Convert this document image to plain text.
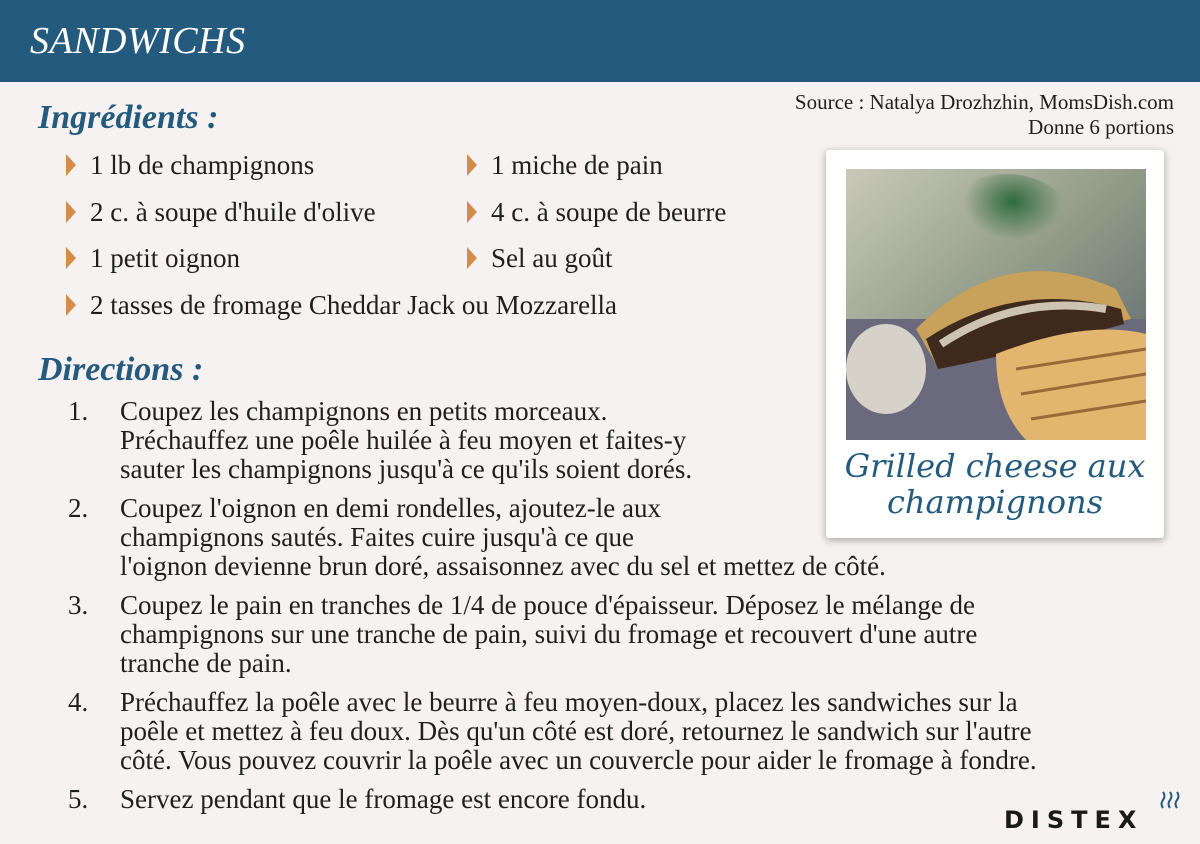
SANDWICHS
Source : Natalya Drozhzhin, MomsDish.com
Donne 6 portions
Ingrédients :
1 lb de champignons	1 miche de pain
2 c. à soupe d'huile d'olive	4 c. à soupe de beurre
1 petit oignon	Sel au goût
2 tasses de fromage Cheddar Jack ou Mozzarella
Directions :
1. Coupez les champignons en petits morceaux.
Préchauffez une poêle huilée à feu moyen et faites-y
sauter les champignons jusqu'à ce qu'ils soient dorés.
2. Coupez l'oignon en demi rondelles, ajoutez-le aux
champignons sautés. Faites cuire jusqu'à ce que
l'oignon devienne brun doré, assaisonnez avec du sel et mettez de côté.
3. Coupez le pain en tranches de 1/4 de pouce d'épaisseur. Déposez le mélange de
champignons sur une tranche de pain, suivi du fromage et recouvert d'une autre
tranche de pain.
4. Préchauffez la poêle avec le beurre à feu moyen-doux, placez les sandwiches sur la
poêle et mettez à feu doux. Dès qu'un côté est doré, retournez le sandwich sur l'autre
côté. Vous pouvez couvrir la poêle avec un couvercle pour aider le fromage à fondre.
5. Servez pendant que le fromage est encore fondu.
Grilled cheese aux
champignons
DISTEX
